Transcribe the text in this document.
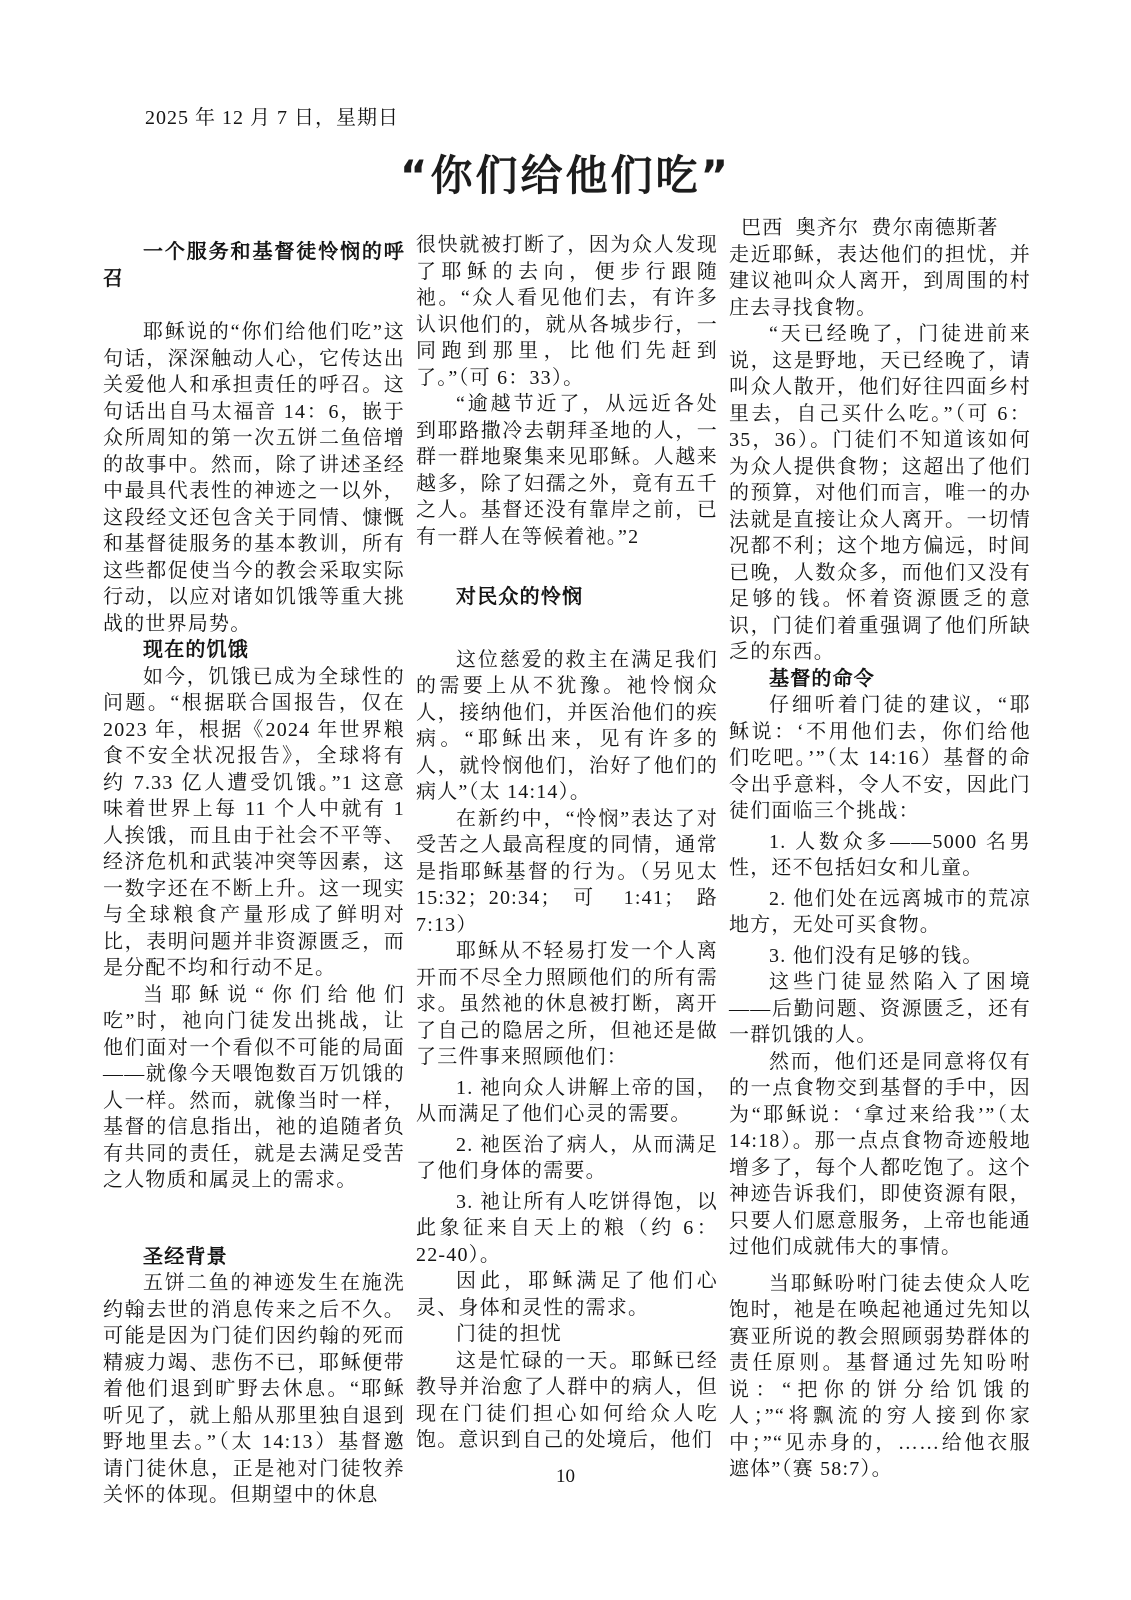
2025 年 12 月 7 日，星期日
“你们给他们吃”

一个服务和基督徒怜悯的呼召

耶稣说的“你们给他们吃”这句话，深深触动人心，它传达出关爱他人和承担责任的呼召。这句话出自马太福音 14：6，嵌于众所周知的第一次五饼二鱼倍增的故事中。然而，除了讲述圣经中最具代表性的神迹之一以外，这段经文还包含关于同情、慷慨和基督徒服务的基本教训，所有这些都促使当今的教会采取实际行动，以应对诸如饥饿等重大挑战的世界局势。

现在的饥饿

如今，饥饿已成为全球性的问题。“根据联合国报告，仅在 2023 年，根据《2024 年世界粮食不安全状况报告》，全球将有约 7.33 亿人遭受饥饿。”1 这意味着世界上每 11 个人中就有 1 人挨饿，而且由于社会不平等、经济危机和武装冲突等因素，这一数字还在不断上升。这一现实与全球粮食产量形成了鲜明对比，表明问题并非资源匮乏，而是分配不均和行动不足。

当耶稣说“你们给他们吃”时，祂向门徒发出挑战，让他们面对一个看似不可能的局面——就像今天喂饱数百万饥饿的人一样。然而，就像当时一样，基督的信息指出，祂的追随者负有共同的责任，就是去满足受苦之人物质和属灵上的需求。

圣经背景

五饼二鱼的神迹发生在施洗约翰去世的消息传来之后不久。可能是因为门徒们因约翰的死而精疲力竭、悲伤不已，耶稣便带着他们退到旷野去休息。“耶稣听见了，就上船从那里独自退到野地里去。”（太 14:13）基督邀请门徒休息，正是祂对门徒牧养关怀的体现。但期望中的休息

很快就被打断了，因为众人发现了耶稣的去向，便步行跟随祂。“众人看见他们去，有许多认识他们的，就从各城步行，一同跑到那里，比他们先赶到了。”（可 6：33）。

“逾越节近了，从远近各处到耶路撒冷去朝拜圣地的人，一群一群地聚集来见耶稣。人越来越多，除了妇孺之外，竟有五千之人。基督还没有靠岸之前，已有一群人在等候着祂。”2

对民众的怜悯

这位慈爱的救主在满足我们的需要上从不犹豫。祂怜悯众人，接纳他们，并医治他们的疾病。“耶稣出来，见有许多的人，就怜悯他们，治好了他们的病人”（太 14:14）。

在新约中，“怜悯”表达了对受苦之人最高程度的同情，通常是指耶稣基督的行为。（另见太 15:32；20:34；可 1:41；路 7:13）

耶稣从不轻易打发一个人离开而不尽全力照顾他们的所有需求。虽然祂的休息被打断，离开了自己的隐居之所，但祂还是做了三件事来照顾他们：

1. 祂向众人讲解上帝的国，从而满足了他们心灵的需要。

2. 祂医治了病人，从而满足了他们身体的需要。

3. 祂让所有人吃饼得饱，以此象征来自天上的粮（约 6：22-40）。

因此，耶稣满足了他们心灵、身体和灵性的需求。

门徒的担忧

这是忙碌的一天。耶稣已经教导并治愈了人群中的病人，但现在门徒们担心如何给众人吃饱。意识到自己的处境后，他们

巴西 奥齐尔 费尔南德斯著

走近耶稣，表达他们的担忧，并建议祂叫众人离开，到周围的村庄去寻找食物。

“天已经晚了，门徒进前来说，这是野地，天已经晚了，请叫众人散开，他们好往四面乡村里去，自己买什么吃。”（可 6：35，36）。门徒们不知道该如何为众人提供食物；这超出了他们的预算，对他们而言，唯一的办法就是直接让众人离开。一切情况都不利；这个地方偏远，时间已晚，人数众多，而他们又没有足够的钱。怀着资源匮乏的意识，门徒们着重强调了他们所缺乏的东西。

基督的命令

仔细听着门徒的建议，“耶稣说：‘不用他们去，你们给他们吃吧。’”（太 14:16）基督的命令出乎意料，令人不安，因此门徒们面临三个挑战：

1. 人数众多——5000 名男性，还不包括妇女和儿童。

2. 他们处在远离城市的荒凉地方，无处可买食物。

3. 他们没有足够的钱。

这些门徒显然陷入了困境——后勤问题、资源匮乏，还有一群饥饿的人。

然而，他们还是同意将仅有的一点食物交到基督的手中，因为“耶稣说：‘拿过来给我’”（太 14:18）。那一点点食物奇迹般地增多了，每个人都吃饱了。这个神迹告诉我们，即使资源有限，只要人们愿意服务，上帝也能通过他们成就伟大的事情。

当耶稣吩咐门徒去使众人吃饱时，祂是在唤起祂通过先知以赛亚所说的教会照顾弱势群体的责任原则。基督通过先知吩咐说：“把你的饼分给饥饿的人；”“将飘流的穷人接到你家中；”“见赤身的，……给他衣服遮体”（赛 58:7）。

10
